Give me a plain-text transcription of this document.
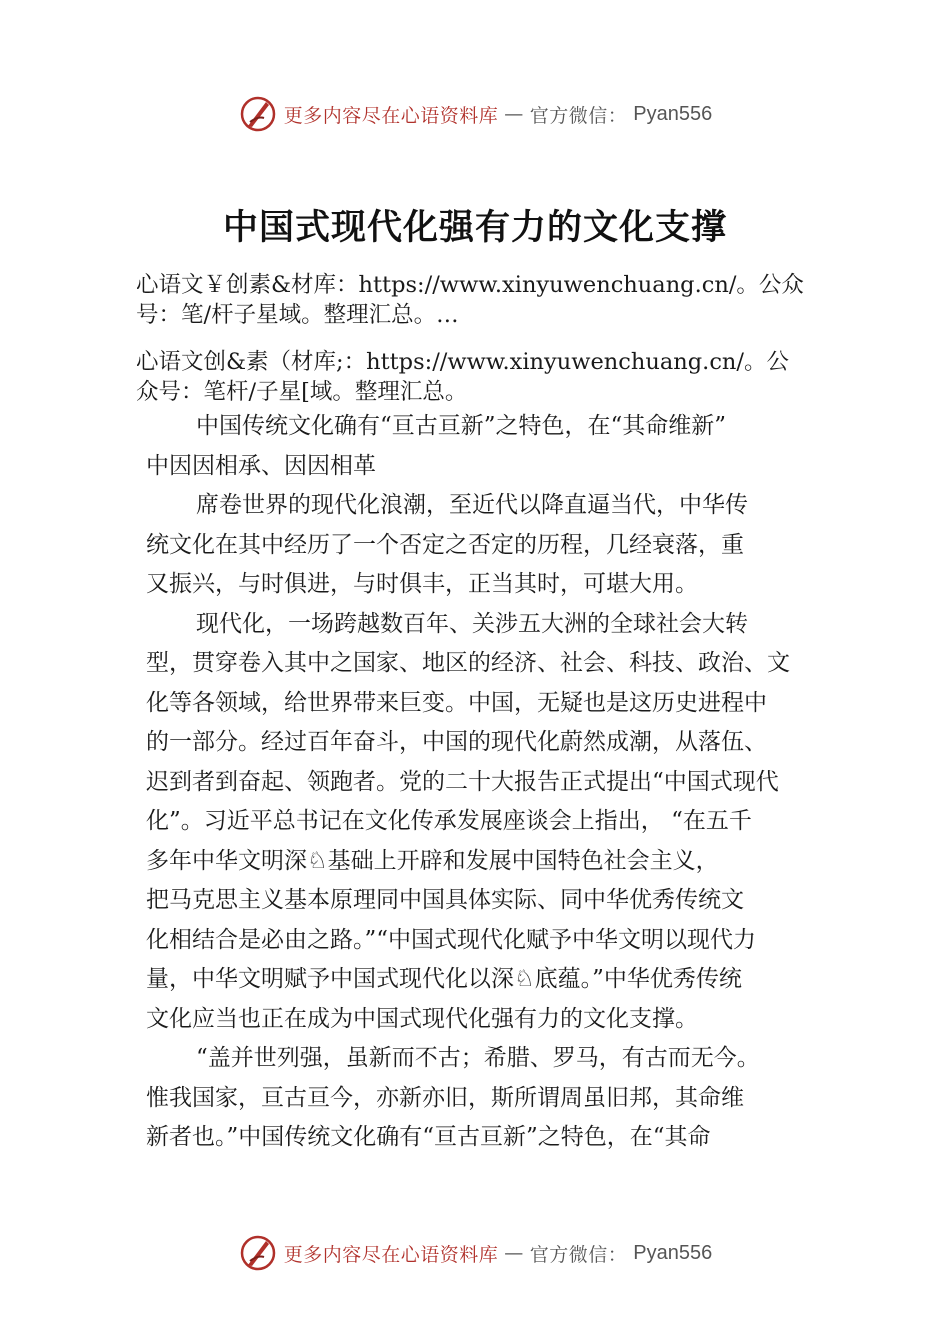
更多内容尽在心语资料库 — 官方微信： Pyan556
中国式现代化强有力的文化支撑
心语文￥创素&材库：https://www.xinyuwenchuang.cn/。公众
号：笔/杆子星域。整理汇总。…
心语文创&素（材库;：https://www.xinyuwenchuang.cn/。公
众号：笔杆/子星[域。整理汇总。
中国传统文化确有“亘古亘新”之特色，在“其命维新”
中因因相承、因因相革
席卷世界的现代化浪潮，至近代以降直逼当代，中华传
统文化在其中经历了一个否定之否定的历程，几经衰落，重
又振兴，与时俱进，与时俱丰，正当其时，可堪大用。
现代化，一场跨越数百年、关涉五大洲的全球社会大转
型，贯穿卷入其中之国家、地区的经济、社会、科技、政治、文
化等各领域，给世界带来巨变。中国，无疑也是这历史进程中
的一部分。经过百年奋斗，中国的现代化蔚然成潮，从落伍、
迟到者到奋起、领跑者。党的二十大报告正式提出“中国式现代
化”。习近平总书记在文化传承发展座谈会上指出， “在五千
多年中华文明深♘基础上开辟和发展中国特色社会主义，
把马克思主义基本原理同中国具体实际、同中华优秀传统文
化相结合是必由之路。”“中国式现代化赋予中华文明以现代力
量，中华文明赋予中国式现代化以深♘底蕴。”中华优秀传统
文化应当也正在成为中国式现代化强有力的文化支撑。
“盖并世列强，虽新而不古；希腊、罗马，有古而无今。
惟我国家，亘古亘今，亦新亦旧，斯所谓周虽旧邦，其命维
新者也。”中国传统文化确有“亘古亘新”之特色，在“其命
更多内容尽在心语资料库 — 官方微信： Pyan556
